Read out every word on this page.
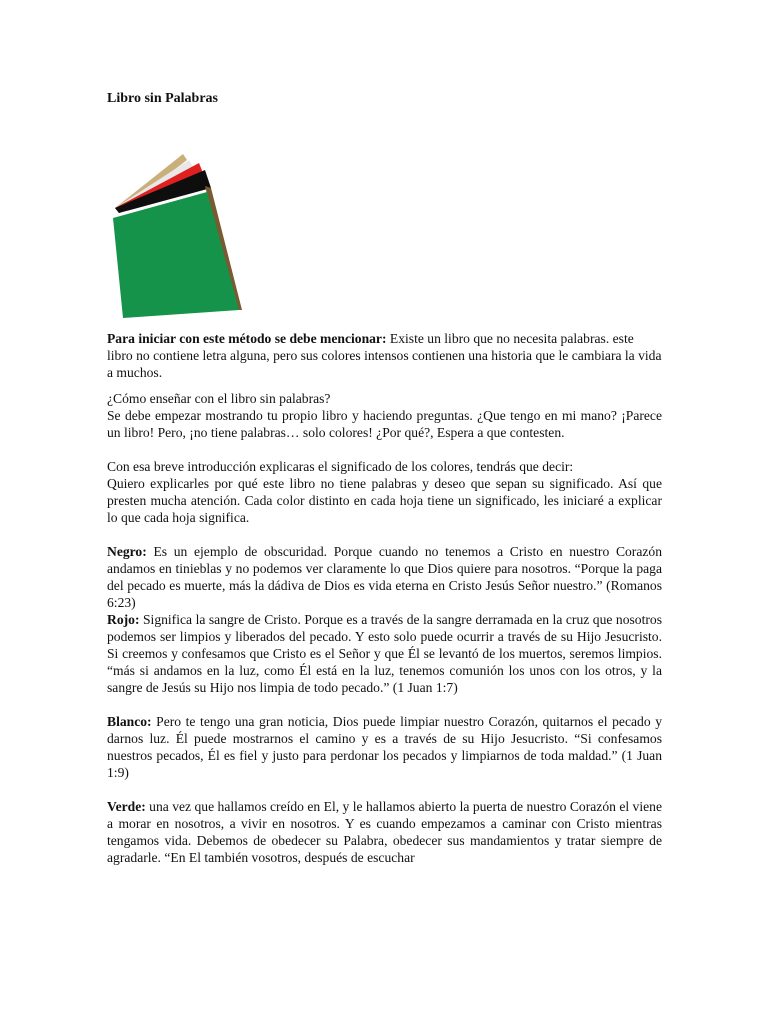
Libro sin Palabras

Para iniciar con este método se debe mencionar: Existe un libro que no necesita palabras. este libro no contiene letra alguna, pero sus colores intensos contienen una historia que le cambiara la vida a muchos.

¿Cómo enseñar con el libro sin palabras?

Se debe empezar mostrando tu propio libro y haciendo preguntas. ¿Que tengo en mi mano? ¡Parece un libro! Pero, ¡no tiene palabras… solo colores! ¿Por qué?, Espera a que contesten.

Con esa breve introducción explicaras el significado de los colores, tendrás que decir:

Quiero explicarles por qué este libro no tiene palabras y deseo que sepan su significado. Así que presten mucha atención. Cada color distinto en cada hoja tiene un significado, les iniciaré a explicar lo que cada hoja significa.

Negro: Es un ejemplo de obscuridad. Porque cuando no tenemos a Cristo en nuestro Corazón andamos en tinieblas y no podemos ver claramente lo que Dios quiere para nosotros. “Porque la paga del pecado es muerte, más la dádiva de Dios es vida eterna en Cristo Jesús Señor nuestro.” (Romanos 6:23)

Rojo: Significa la sangre de Cristo. Porque es a través de la sangre derramada en la cruz que nosotros podemos ser limpios y liberados del pecado. Y esto solo puede ocurrir a través de su Hijo Jesucristo. Si creemos y confesamos que Cristo es el Señor y que Él se levantó de los muertos, seremos limpios. “más si andamos en la luz, como Él está en la luz, tenemos comunión los unos con los otros, y la sangre de Jesús su Hijo nos limpia de todo pecado.” (1 Juan 1:7)

Blanco: Pero te tengo una gran noticia, Dios puede limpiar nuestro Corazón, quitarnos el pecado y darnos luz. Él puede mostrarnos el camino y es a través de su Hijo Jesucristo. “Si confesamos nuestros pecados, Él es fiel y justo para perdonar los pecados y limpiarnos de toda maldad.” (1 Juan 1:9)

Verde: una vez que hallamos creído en El, y le hallamos abierto la puerta de nuestro Corazón el viene a morar en nosotros, a vivir en nosotros. Y es cuando empezamos a caminar con Cristo mientras tengamos vida. Debemos de obedecer su Palabra, obedecer sus mandamientos y tratar siempre de agradarle. “En El también vosotros, después de escuchar
